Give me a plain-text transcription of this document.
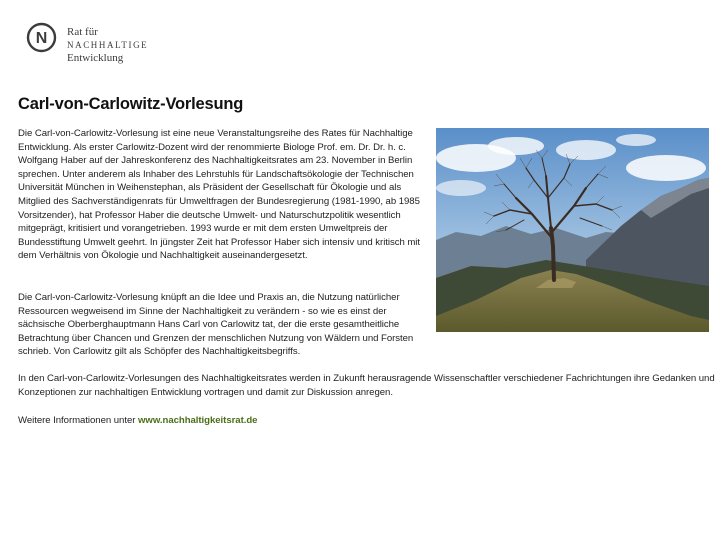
N Rat für
NACHHALTIGE
Entwicklung
Carl-von-Carlowitz-Vorlesung

Die Carl-von-Carlowitz-Vorlesung ist eine neue Veranstaltungsreihe des Rates für Nachhaltige Entwicklung. Als erster Carlowitz-Dozent wird der renommierte Biologe Prof. em. Dr. Dr. h. c. Wolfgang Haber auf der Jahreskonferenz des Nachhaltigkeitsrates am 23. November in Berlin sprechen. Unter anderem als Inhaber des Lehrstuhls für Landschaftsökologie der Technischen Universität München in Weihenstephan, als Präsident der Gesellschaft für Ökologie und als Mitglied des Sachverständigenrats für Umweltfragen der Bundesregierung (1981-1990, ab 1985 Vorsitzender), hat Professor Haber die deutsche Umwelt- und Naturschutzpolitik wesentlich mitgeprägt, kritisiert und vorangetrieben. 1993 wurde er mit dem ersten Umweltpreis der Bundesstiftung Umwelt geehrt. In jüngster Zeit hat Professor Haber sich intensiv und kritisch mit dem Verhältnis von Ökologie und Nachhaltigkeit auseinandergesetzt.

Die Carl-von-Carlowitz-Vorlesung knüpft an die Idee und Praxis an, die Nutzung natürlicher Ressourcen wegweisend im Sinne der Nachhaltigkeit zu verändern - so wie es einst der sächsische Oberberghauptmann Hans Carl von Carlowitz tat, der die erste gesamtheitliche Betrachtung über Chancen und Grenzen der menschlichen Nutzung von Wäldern und Forsten schrieb. Von Carlowitz gilt als Schöpfer des Nachhaltigkeitsbegriffs.

In den Carl-von-Carlowitz-Vorlesungen des Nachhaltigkeitsrates werden in Zukunft herausragende Wissenschaftler verschiedener Fachrichtungen ihre Gedanken und Konzeptionen zur nachhaltigen Entwicklung vortragen und damit zur Diskussion anregen.

Weitere Informationen unter www.nachhaltigkeitsrat.de
